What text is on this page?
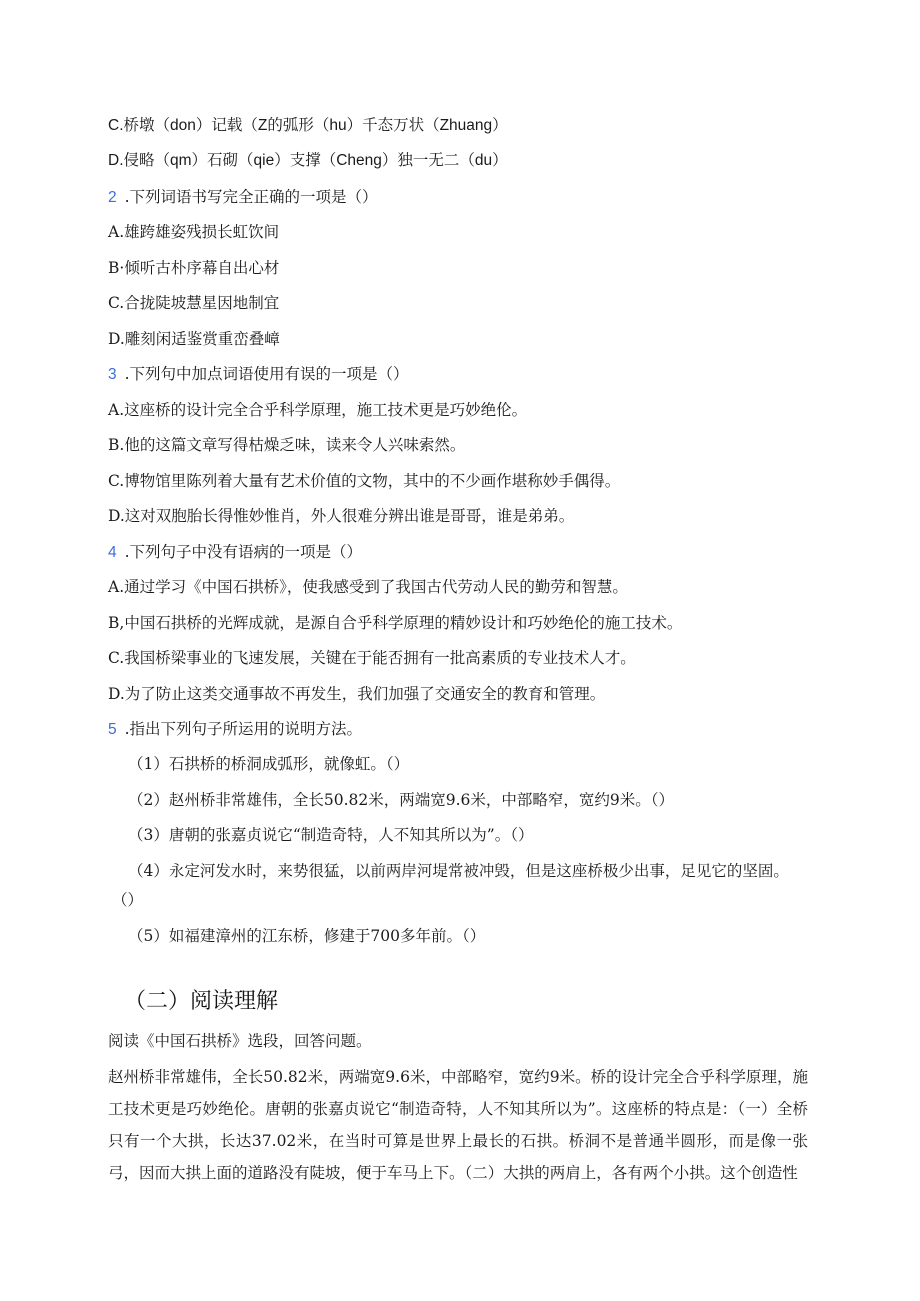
C.桥墩（don）记载（Z的弧形（hu）千态万状（Zhuang）
D.侵略（qm）石砌（qie）支撑（Cheng）独一无二（du）
2 .下列词语书写完全正确的一项是（）
A.雄跨雄姿残损长虹饮间
B·倾听古朴序幕自出心材
C.合拢陡坡慧星因地制宜
D.雕刻闲适鉴赏重峦叠嶂
3 .下列句中加点词语使用有误的一项是（）
A.这座桥的设计完全合乎科学原理，施工技术更是巧妙绝伦。
B.他的这篇文章写得枯燥乏味，读来令人兴味索然。
C.博物馆里陈列着大量有艺术价值的文物，其中的不少画作堪称妙手偶得。
D.这对双胞胎长得惟妙惟肖，外人很难分辨出谁是哥哥，谁是弟弟。
4 .下列句子中没有语病的一项是（）
A.通过学习《中国石拱桥》，使我感受到了我国古代劳动人民的勤劳和智慧。
B,中国石拱桥的光辉成就，是源自合乎科学原理的精妙设计和巧妙绝伦的施工技术。
C.我国桥梁事业的飞速发展，关键在于能否拥有一批高素质的专业技术人才。
D.为了防止这类交通事故不再发生，我们加强了交通安全的教育和管理。
5 .指出下列句子所运用的说明方法。
（1）石拱桥的桥洞成弧形，就像虹。（）
（2）赵州桥非常雄伟，全长50.82米，两端宽9.6米，中部略窄，宽约9米。（）
（3）唐朝的张嘉贞说它“制造奇特，人不知其所以为”。（）
（4）永定河发水时，来势很猛，以前两岸河堤常被冲毁，但是这座桥极少出事，足见它的坚固。
（）
（5）如福建漳州的江东桥，修建于700多年前。（）
（二）阅读理解
阅读《中国石拱桥》选段，回答问题。
赵州桥非常雄伟，全长50.82米，两端宽9.6米，中部略窄，宽约9米。桥的设计完全合乎科学原理，施工技术更是巧妙绝伦。唐朝的张嘉贞说它“制造奇特，人不知其所以为”。这座桥的特点是：（一）全桥只有一个大拱，长达37.02米，在当时可算是世界上最长的石拱。桥洞不是普通半圆形，而是像一张弓，因而大拱上面的道路没有陡坡，便于车马上下。（二）大拱的两肩上，各有两个小拱。这个创造性
